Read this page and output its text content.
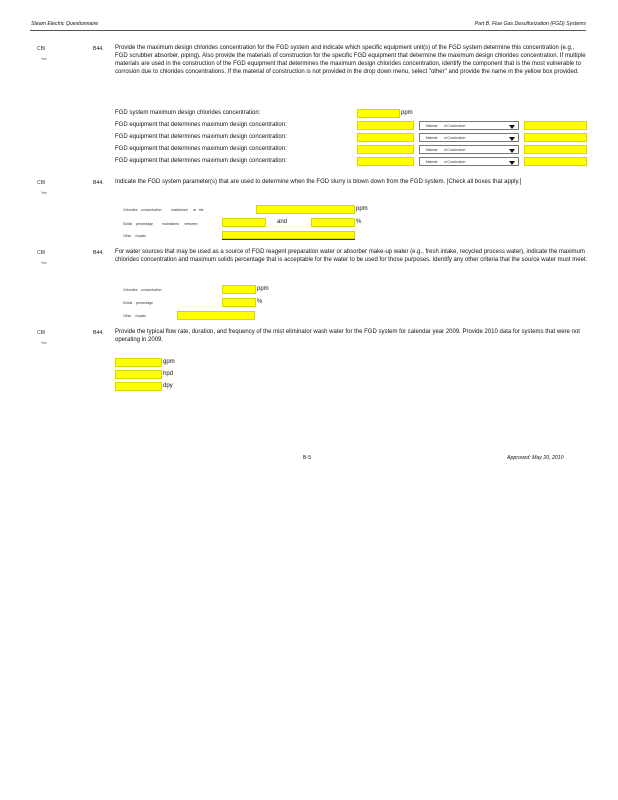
Steam Electric Questionnaire	Part B. Flue Gas Desulfurization (FGD) Systems
CBI
Yes
B44. Provide the maximum design chlorides concentration for the FGD system and indicate which specific equipment unit(s) of the FGD system determine this concentration (e.g., FGD scrubber absorber, piping). Also provide the materials of construction for the specific FGD equipment that determine the maximum design chlorides concentration. If multiple materials are used in the construction of the FGD equipment that determines the maximum design chlorides concentration, identify the component that is the most vulnerable to corrosion due to chlorides concentrations. If the material of construction is not provided in the drop down menu, select "other" and provide the name in the yellow box provided.
FGD system maximum design chlorides concentration:	ppm
FGD equipment that determines maximum design concentration:	Material of Construction
FGD equipment that determines maximum design concentration:	Material of Construction
FGD equipment that determines maximum design concentration:	Material of Construction
FGD equipment that determines maximum design concentration:	Material of Construction
CBI
Yes
B44. Indicate the FGD system parameter(s) that are used to determine when the FGD slurry is blown down from the FGD system. [Check all boxes that apply.]
Chlorides concentration	maintained at the	ppm
Solids percentage	maintained between	and	%
Other explain
CBI
Yes
B44. For water sources that may be used as a source of FGD reagent preparation water or absorber make-up water (e.g., fresh intake, recycled process water), indicate the maximum chlorides concentration and maximum solids percentage that is acceptable for the water to be used for those purposes. Identify any other criteria that the source water must meet.
Chlorides concentration	ppm
Solids percentage	%
Other explain
CBI
Yes
B44. Provide the typical flow rate, duration, and frequency of the mist eliminator wash water for the FGD system for calendar year 2009. Provide 2010 data for systems that were not operating in 2009.
gpm
hpd
dpy
B-5	Approved: May 20, 2010
